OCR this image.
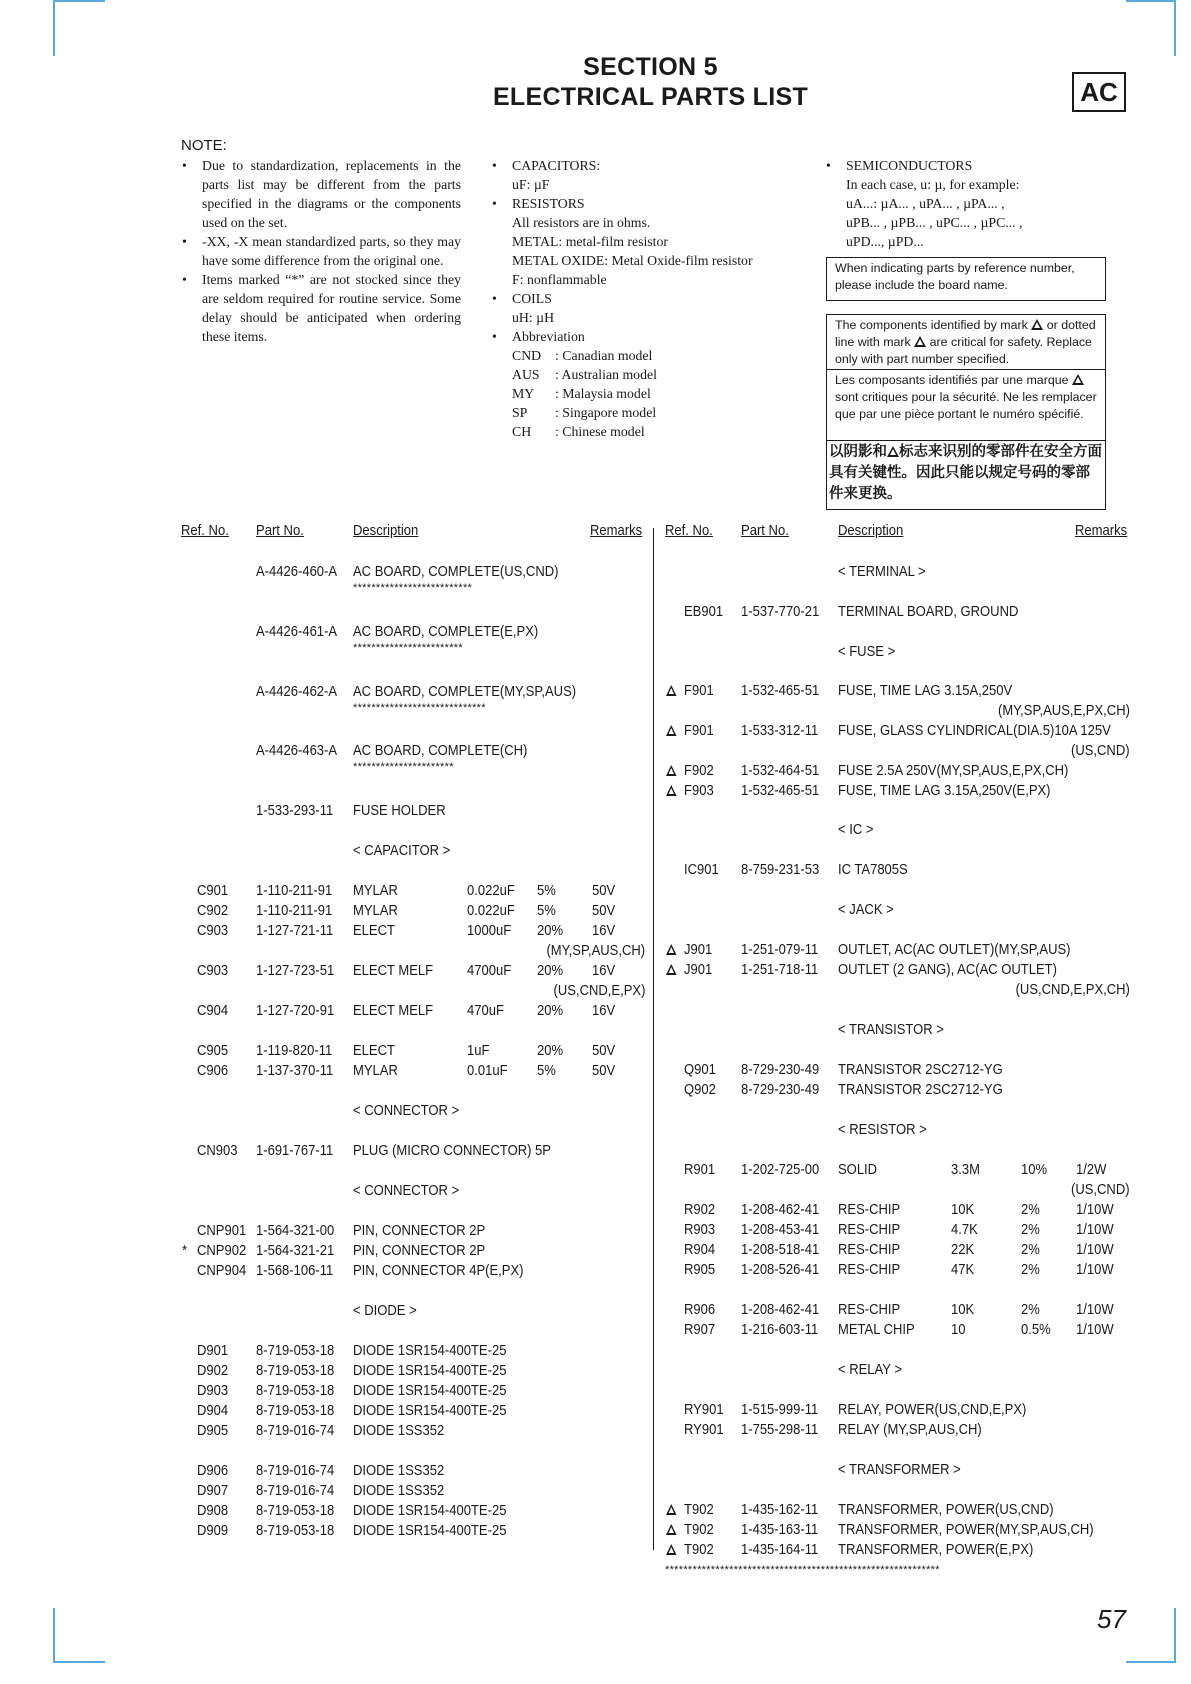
SECTION 5
ELECTRICAL PARTS LIST	AC
NOTE:
• Due to standardization, replacements in the parts list may be different from the parts specified in the diagrams or the components used on the set.
• -XX, -X mean standardized parts, so they may have some difference from the original one.
• Items marked “*” are not stocked since they are seldom required for routine service. Some delay should be anticipated when ordering these items.
• CAPACITORS:
uF: µF
• RESISTORS
All resistors are in ohms.
METAL: metal-film resistor
METAL OXIDE: Metal Oxide-film resistor
F: nonflammable
• COILS
uH: µH
• Abbreviation
CND	: Canadian model
AUS	: Australian model
MY	: Malaysia model
SP	: Singapore model
CH	: Chinese model
• SEMICONDUCTORS
In each case, u: µ, for example:
uA...: µA... , uPA... , µPA... ,
uPB... , µPB... , uPC... , µPC... ,
uPD..., µPD...
When indicating parts by reference number, please include the board name.
The components identified by mark or dotted line with mark are critical for safety. Replace only with part number specified.
Les composants identifiés par une marque  sont critiques pour la sécurité. Ne les remplacer que par une pièce portant le numéro spécifié.
以阴影和 标志来识别的零部件在安全方面具有关键性。因此只能以规定号码的零部件来更换。
Ref. No. Part No.	Description	Remarks Ref. No. Part No.	Description	Remarks
A-4426-460-A AC BOARD, COMPLETE(US,CND)
**************************
A-4426-461-A AC BOARD, COMPLETE(E,PX)
************************
A-4426-462-A AC BOARD, COMPLETE(MY,SP,AUS)
*****************************
A-4426-463-A AC BOARD, COMPLETE(CH)
**********************
1-533-293-11 FUSE HOLDER
< CAPACITOR >
C901 1-110-211-91 MYLAR	0.022uF 5% 50V
C902 1-110-211-91 MYLAR	0.022uF 5% 50V
C903 1-127-721-11 ELECT	1000uF 20% 16V
(MY,SP,AUS,CH)
C903 1-127-723-51 ELECT MELF 4700uF 20% 16V
(US,CND,E,PX)
C904 1-127-720-91 ELECT MELF 470uF 20% 16V
C905 1-119-820-11 ELECT	1uF	20% 50V
C906 1-137-370-11 MYLAR	0.01uF 5% 50V
< CONNECTOR >
CN903 1-691-767-11 PLUG (MICRO CONNECTOR) 5P
< CONNECTOR >
CNP901 1-564-321-00 PIN, CONNECTOR 2P
* CNP902 1-564-321-21 PIN, CONNECTOR 2P
CNP904 1-568-106-11 PIN, CONNECTOR 4P(E,PX)
< DIODE >
D901 8-719-053-18 DIODE 1SR154-400TE-25
D902 8-719-053-18 DIODE 1SR154-400TE-25
D903 8-719-053-18 DIODE 1SR154-400TE-25
D904 8-719-053-18 DIODE 1SR154-400TE-25
D905 8-719-016-74 DIODE 1SS352
D906 8-719-016-74 DIODE 1SS352
D907 8-719-016-74 DIODE 1SS352
D908 8-719-053-18 DIODE 1SR154-400TE-25
D909 8-719-053-18 DIODE 1SR154-400TE-25
< TERMINAL >
EB901 1-537-770-21 TERMINAL BOARD, GROUND
< FUSE >
F901 1-532-465-51 FUSE, TIME LAG 3.15A,250V
(MY,SP,AUS,E,PX,CH)
F901 1-533-312-11 FUSE, GLASS CYLINDRICAL(DIA.5)10A 125V
(US,CND)
F902 1-532-464-51 FUSE 2.5A 250V(MY,SP,AUS,E,PX,CH)
F903 1-532-465-51 FUSE, TIME LAG 3.15A,250V(E,PX)
< IC >
IC901 8-759-231-53 IC TA7805S
< JACK >
J901 1-251-079-11 OUTLET, AC(AC OUTLET)(MY,SP,AUS)
J901 1-251-718-11 OUTLET (2 GANG), AC(AC OUTLET)
(US,CND,E,PX,CH)
< TRANSISTOR >
Q901 8-729-230-49 TRANSISTOR 2SC2712-YG
Q902 8-729-230-49 TRANSISTOR 2SC2712-YG
< RESISTOR >
R901 1-202-725-00 SOLID	3.3M	10% 1/2W
(US,CND)
R902 1-208-462-41 RES-CHIP	10K	2% 1/10W
R903 1-208-453-41 RES-CHIP	4.7K	2% 1/10W
R904 1-208-518-41 RES-CHIP	22K	2% 1/10W
R905 1-208-526-41 RES-CHIP	47K	2% 1/10W
R906 1-208-462-41 RES-CHIP	10K	2% 1/10W
R907 1-216-603-11 METAL CHIP 10	0.5% 1/10W
< RELAY >
RY901 1-515-999-11 RELAY, POWER(US,CND,E,PX)
RY901 1-755-298-11 RELAY (MY,SP,AUS,CH)
< TRANSFORMER >
T902 1-435-162-11 TRANSFORMER, POWER(US,CND)
T902 1-435-163-11 TRANSFORMER, POWER(MY,SP,AUS,CH)
T902 1-435-164-11 TRANSFORMER, POWER(E,PX)
************************************************************
57
